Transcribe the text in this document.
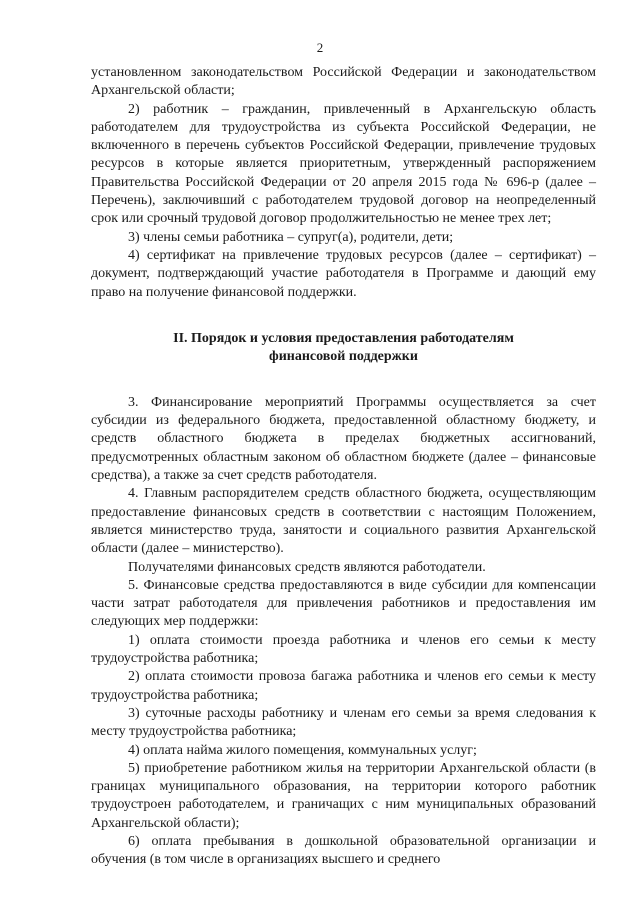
2

установленном законодательством Российской Федерации и законодательством Архангельской области;

2) работник – гражданин, привлеченный в Архангельскую область работодателем для трудоустройства из субъекта Российской Федерации, не включенного в перечень субъектов Российской Федерации, привлечение трудовых ресурсов в которые является приоритетным, утвержденный распоряжением Правительства Российской Федерации от 20 апреля 2015 года № 696-р (далее – Перечень), заключивший с работодателем трудовой договор на неопределенный срок или срочный трудовой договор продолжительностью не менее трех лет;

3) члены семьи работника – супруг(а), родители, дети;

4) сертификат на привлечение трудовых ресурсов (далее – сертификат) – документ, подтверждающий участие работодателя в Программе и дающий ему право на получение финансовой поддержки.

II. Порядок и условия предоставления работодателям
финансовой поддержки

3. Финансирование мероприятий Программы осуществляется за счет субсидии из федерального бюджета, предоставленной областному бюджету, и средств областного бюджета в пределах бюджетных ассигнований, предусмотренных областным законом об областном бюджете (далее – финансовые средства), а также за счет средств работодателя.

4. Главным распорядителем средств областного бюджета, осуществляющим предоставление финансовых средств в соответствии с настоящим Положением, является министерство труда, занятости и социального развития Архангельской области (далее – министерство).

Получателями финансовых средств являются работодатели.

5. Финансовые средства предоставляются в виде субсидии для компенсации части затрат работодателя для привлечения работников и предоставления им следующих мер поддержки:

1) оплата стоимости проезда работника и членов его семьи к месту трудоустройства работника;

2) оплата стоимости провоза багажа работника и членов его семьи к месту трудоустройства работника;

3) суточные расходы работнику и членам его семьи за время следования к месту трудоустройства работника;

4) оплата найма жилого помещения, коммунальных услуг;

5) приобретение работником жилья на территории Архангельской области (в границах муниципального образования, на территории которого работник трудоустроен работодателем, и граничащих с ним муниципальных образований Архангельской области);

6) оплата пребывания в дошкольной образовательной организации и обучения (в том числе в организациях высшего и среднего
